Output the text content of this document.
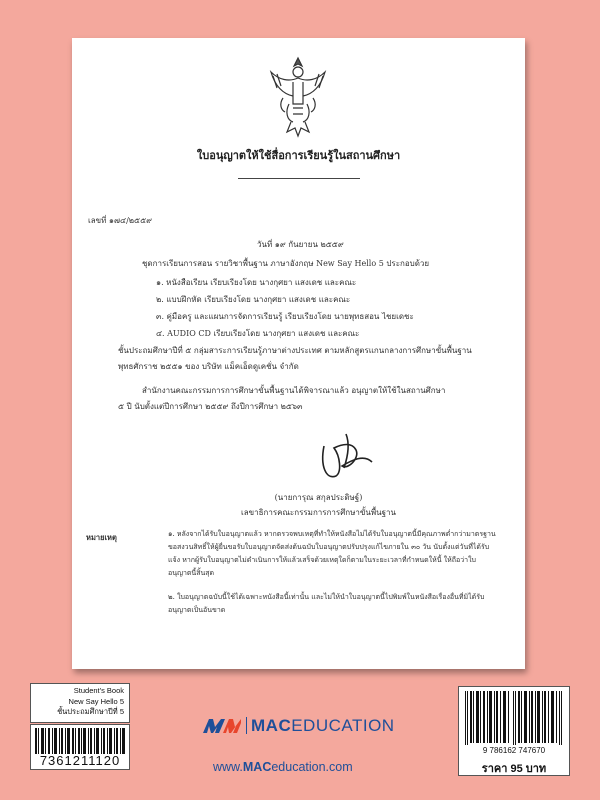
ใบอนุญาตให้ใช้สื่อการเรียนรู้ในสถานศึกษา
เลขที่ ๑๗๔/๒๕๕๙
วันที่ ๑๙ กันยายน ๒๕๕๙
ชุดการเรียนการสอน รายวิชาพื้นฐาน ภาษาอังกฤษ New Say Hello 5 ประกอบด้วย
๑. หนังสือเรียน เรียบเรียงโดย นางกุศยา แสงเดช และคณะ
๒. แบบฝึกหัด เรียบเรียงโดย นางกุศยา แสงเดช และคณะ
๓. คู่มือครู และแผนการจัดการเรียนรู้ เรียบเรียงโดย นายพุทธสอน ไชยเดชะ
๔. AUDIO CD เรียบเรียงโดย นางกุศยา แสงเดช และคณะ
ชั้นประถมศึกษาปีที่ ๕ กลุ่มสาระการเรียนรู้ภาษาต่างประเทศ ตามหลักสูตรแกนกลางการศึกษาขั้นพื้นฐาน
พุทธศักราช ๒๕๕๑ ของ บริษัท แม็คเอ็ดดูเคชั่น จำกัด
สำนักงานคณะกรรมการการศึกษาขั้นพื้นฐานได้พิจารณาแล้ว อนุญาตให้ใช้ในสถานศึกษา
๕ ปี นับตั้งแต่ปีการศึกษา ๒๕๕๙ ถึงปีการศึกษา ๒๕๖๓
(นายการุณ สกุลประดิษฐ์)
เลขาธิการคณะกรรมการการศึกษาขั้นพื้นฐาน
หมายเหตุ	๑. หลังจากได้รับใบอนุญาตแล้ว หากตรวจพบเหตุที่ทำให้หนังสือไม่ได้รับใบอนุญาตนี้มีคุณภาพต่ำกว่ามาตรฐาน ขอสงวนสิทธิ์ให้ผู้ยื่นขอรับใบอนุญาตจัดส่งต้นฉบับใบอนุญาตปรับปรุงแก้ไขภายใน ๓๐ วัน นับตั้งแต่วันที่ได้รับแจ้ง หากผู้รับใบอนุญาตไม่ดำเนินการให้แล้วเสร็จด้วยเหตุใดก็ตามในระยะเวลาที่กำหนดให้นี้ ให้ถือว่าใบอนุญาตนี้สิ้นสุด
๒. ใบอนุญาตฉบับนี้ใช้ได้เฉพาะหนังสือนี้เท่านั้น และไม่ให้นำใบอนุญาตนี้ไปพิมพ์ในหนังสือเรื่องอื่นที่มิได้รับอนุญาตเป็นอันขาด
Student's Book
New Say Hello 5
ชั้นประถมศึกษาปีที่ 5
7361211120
MACEDUCATION
www.MACeducation.com
9 786162 747670
ราคา 95 บาท
